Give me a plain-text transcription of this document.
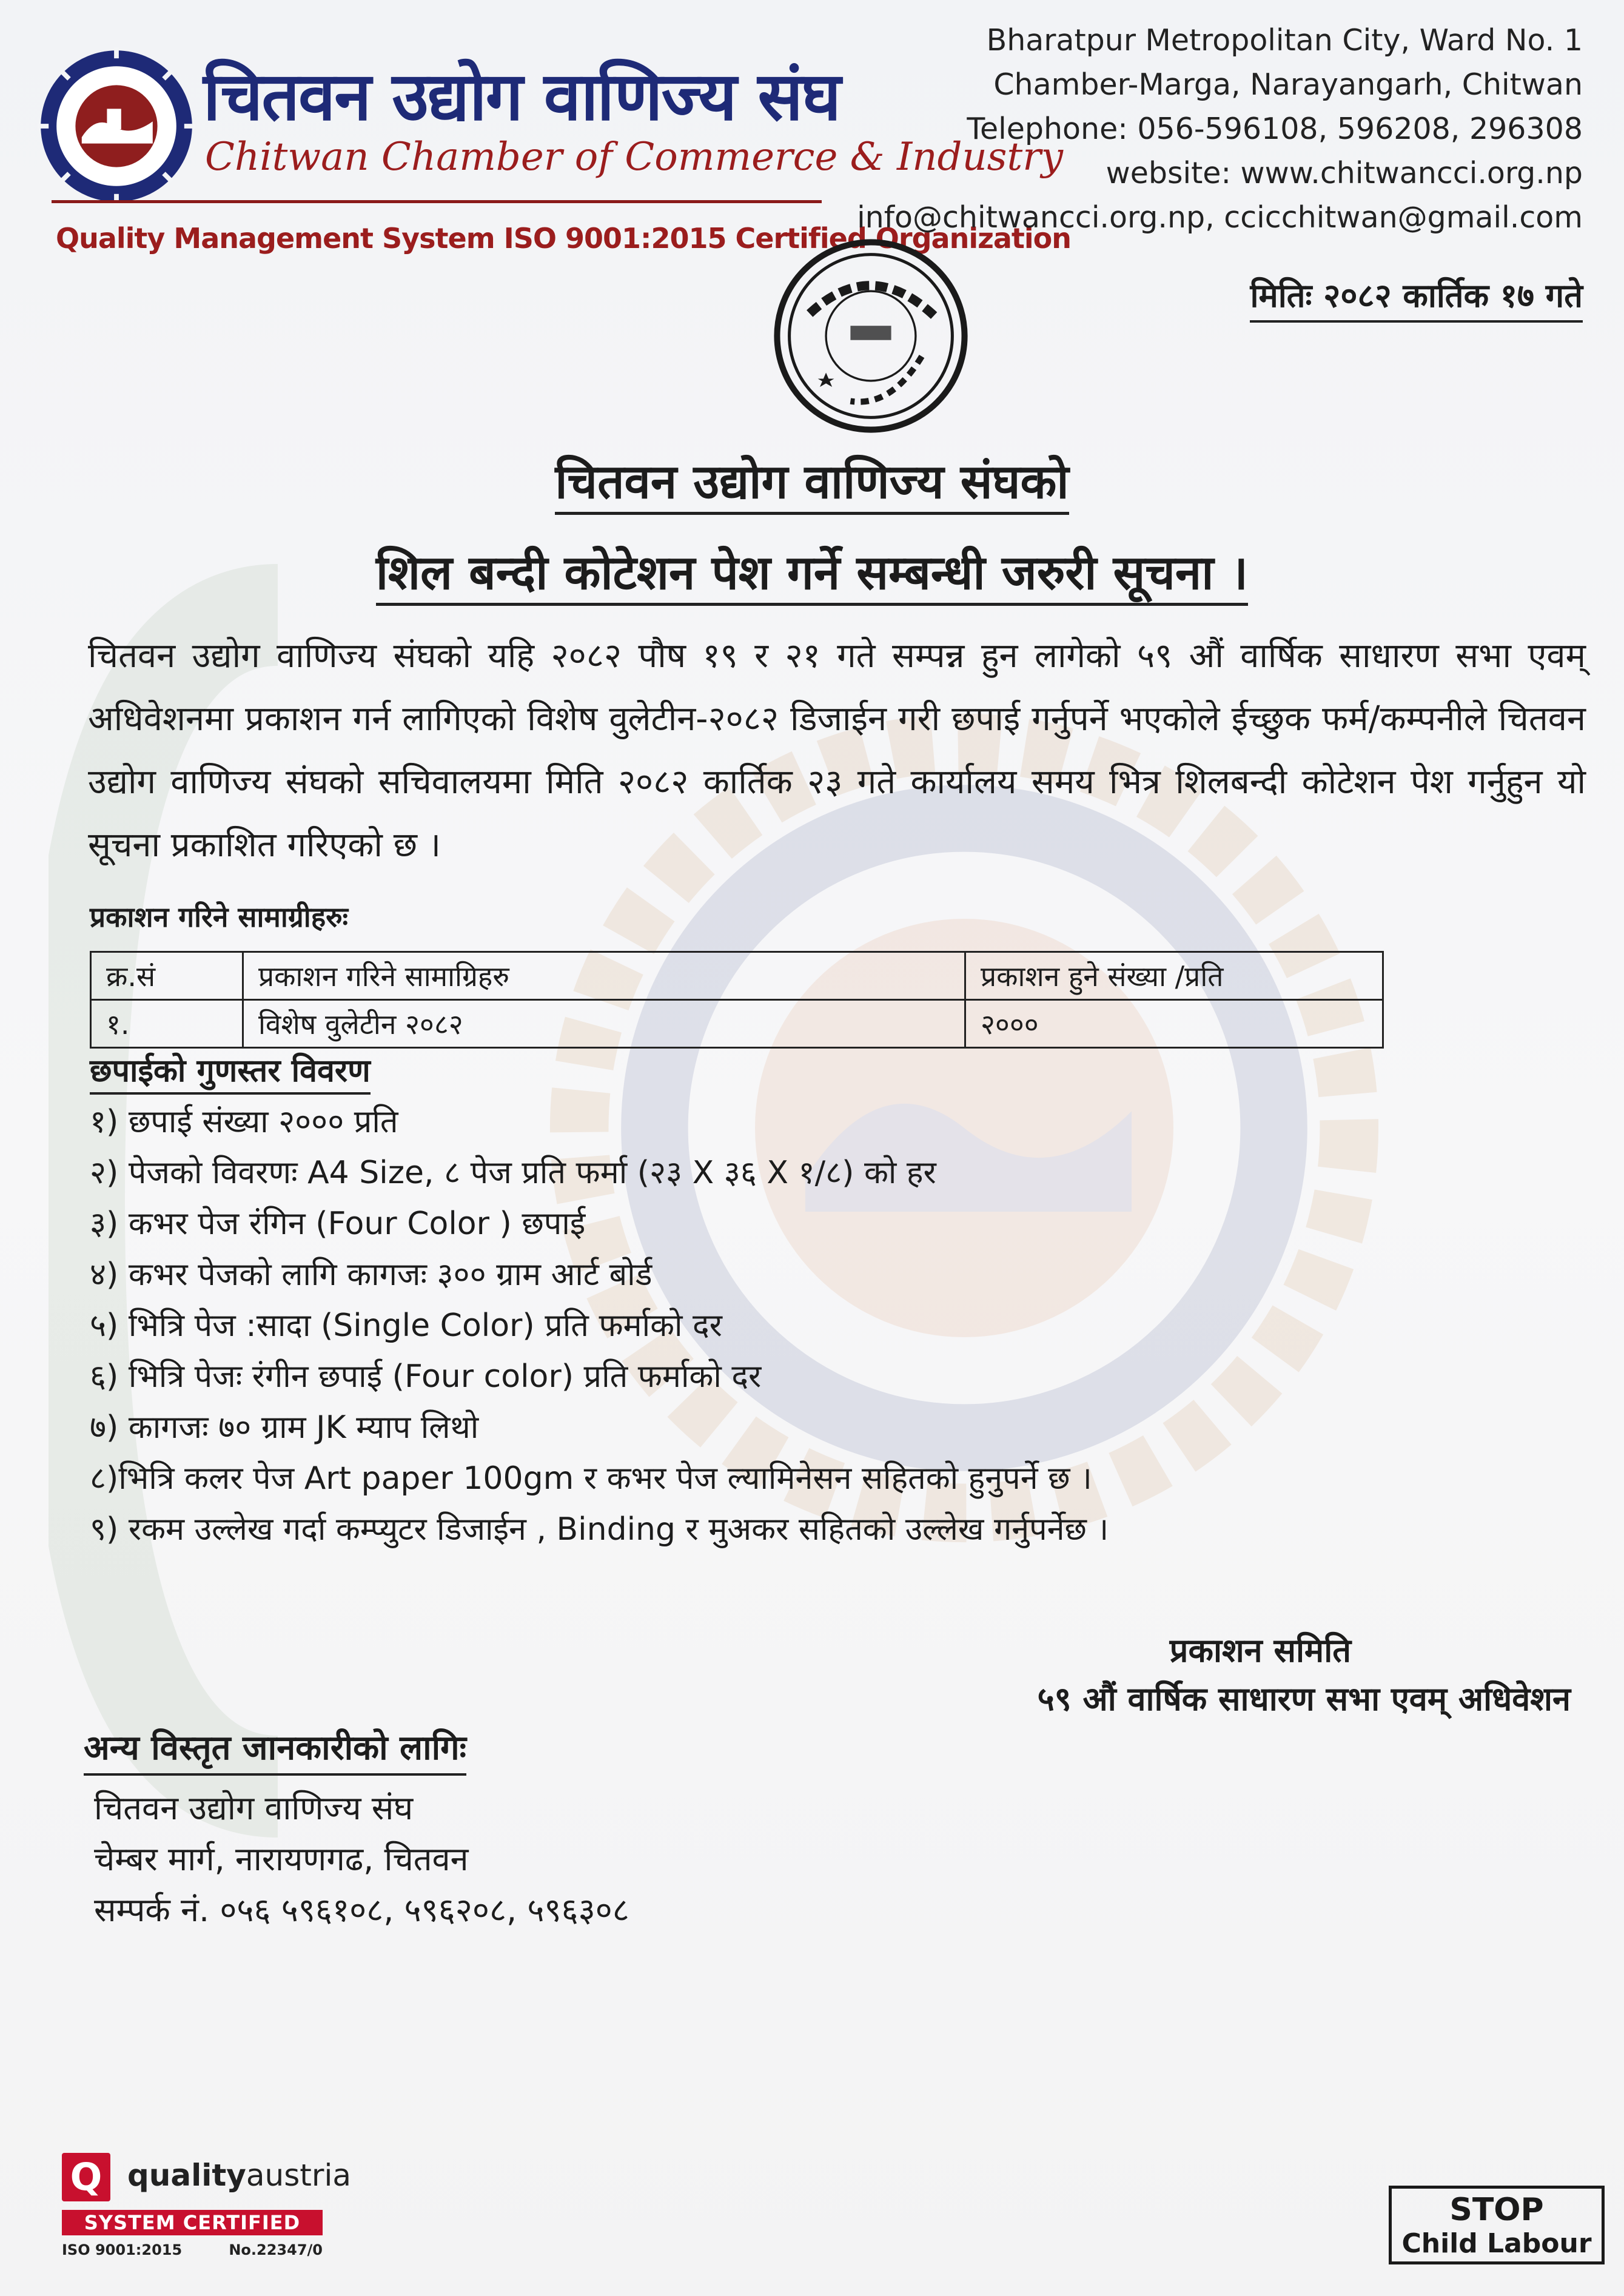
चितवन उद्योग वाणिज्य संघ
Chitwan Chamber of Commerce & Industry
Quality Management System ISO 9001:2015 Certified Organization
Bharatpur Metropolitan City, Ward No. 1
Chamber-Marga, Narayangarh, Chitwan
Telephone: 056-596108, 596208, 296308
website: www.chitwancci.org.np
info@chitwancci.org.np, ccicchitwan@gmail.com
मितिः २०८२ कार्तिक १७ गते
चितवन उद्योग वाणिज्य संघको
शिल बन्दी कोटेशन पेश गर्ने सम्बन्धी जरुरी सूचना ।
चितवन उद्योग वाणिज्य संघको यहि २०८२ पौष १९ र २१ गते सम्पन्न हुन लागेको ५९ औं वार्षिक साधारण सभा एवम् अधिवेशनमा प्रकाशन गर्न लागिएको विशेष वुलेटीन-२०८२ डिजाईन गरी छपाई गर्नुपर्ने भएकोले ईच्छुक फर्म/कम्पनीले चितवन उद्योग वाणिज्य संघको सचिवालयमा मिति २०८२ कार्तिक २३ गते कार्यालय समय भित्र शिलबन्दी कोटेशन पेश गर्नुहुन यो सूचना प्रकाशित गरिएको छ ।
प्रकाशन गरिने सामाग्रीहरुः
क्र.सं	प्रकाशन गरिने सामाग्रिहरु	प्रकाशन हुने संख्या /प्रति
१.	विशेष वुलेटीन २०८२	२०००
छपाईको गुणस्तर विवरण
१) छपाई संख्या २००० प्रति
२) पेजको विवरणः A4 Size, ८ पेज प्रति फर्मा (२३ X ३६ X १/८) को हर
३) कभर पेज रंगिन (Four Color ) छपाई
४) कभर पेजको लागि कागजः ३०० ग्राम आर्ट बोर्ड
५) भित्रि पेज :सादा (Single Color) प्रति फर्माको दर
६) भित्रि पेजः रंगीन छपाई (Four color) प्रति फर्माको दर
७) कागजः ७० ग्राम JK म्याप लिथो
८)भित्रि कलर पेज Art paper 100gm र कभर पेज ल्यामिनेसन सहितको हुनुपर्ने छ ।
९) रकम उल्लेख गर्दा कम्प्युटर डिजाईन , Binding र मुअकर सहितको उल्लेख गर्नुपर्नेछ ।
प्रकाशन समिति
५९ औं वार्षिक साधारण सभा एवम् अधिवेशन
अन्य विस्तृत जानकारीको लागिः
चितवन उद्योग वाणिज्य संघ
चेम्बर मार्ग, नारायणगढ, चितवन
सम्पर्क नं. ०५६ ५९६१०८, ५९६२०८, ५९६३०८
Q qualityaustria
SYSTEM CERTIFIED
ISO 9001:2015	No.22347/0
STOP
Child Labour
